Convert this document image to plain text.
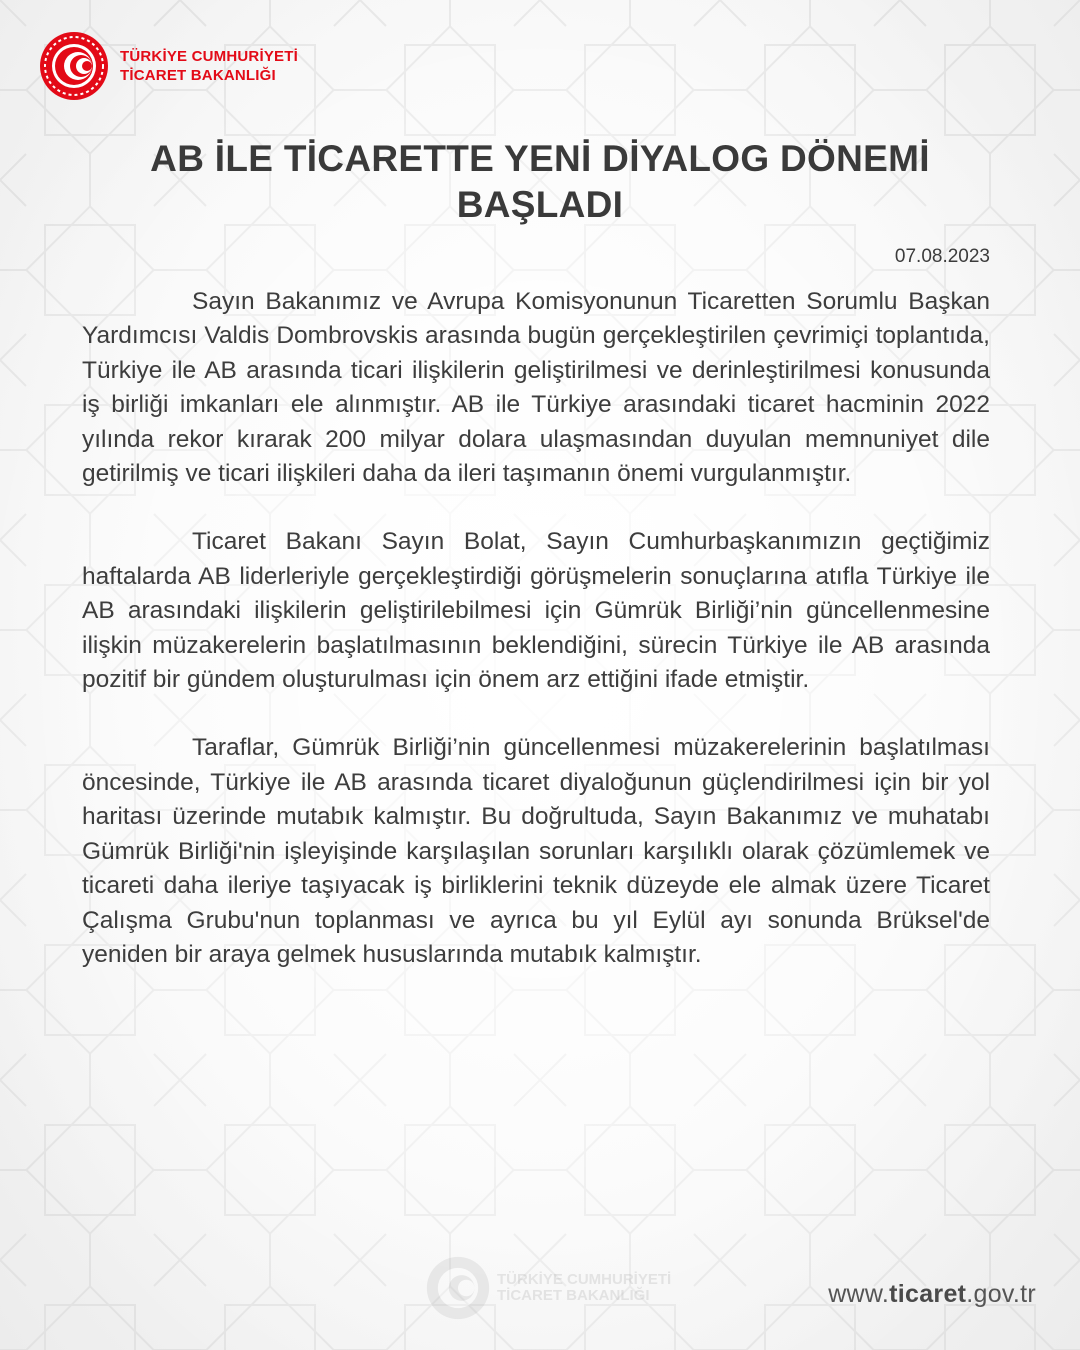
TÜRKİYE CUMHURİYETİ
TİCARET BAKANLIĞI
AB İLE TİCARETTE YENİ DİYALOG DÖNEMİ
BAŞLADI
07.08.2023

Sayın Bakanımız ve Avrupa Komisyonunun Ticaretten Sorumlu Başkan Yardımcısı Valdis Dombrovskis arasında bugün gerçekleştirilen çevrimiçi toplantıda, Türkiye ile AB arasında ticari ilişkilerin geliştirilmesi ve derinleştirilmesi konusunda iş birliği imkanları ele alınmıştır. AB ile Türkiye arasındaki ticaret hacminin 2022 yılında rekor kırarak 200 milyar dolara ulaşmasından duyulan memnuniyet dile getirilmiş ve ticari ilişkileri daha da ileri taşımanın önemi vurgulanmıştır.

Ticaret Bakanı Sayın Bolat, Sayın Cumhurbaşkanımızın geçtiğimiz haftalarda AB liderleriyle gerçekleştirdiği görüşmelerin sonuçlarına atıfla Türkiye ile AB arasındaki ilişkilerin geliştirilebilmesi için Gümrük Birliği’nin güncellenmesine ilişkin müzakerelerin başlatılmasının beklendiğini, sürecin Türkiye ile AB arasında pozitif bir gündem oluşturulması için önem arz ettiğini ifade etmiştir.

Taraflar, Gümrük Birliği’nin güncellenmesi müzakerelerinin başlatılması öncesinde, Türkiye ile AB arasında ticaret diyaloğunun güçlendirilmesi için bir yol haritası üzerinde mutabık kalmıştır. Bu doğrultuda, Sayın Bakanımız ve muhatabı Gümrük Birliği'nin işleyişinde karşılaşılan sorunları karşılıklı olarak çözümlemek ve ticareti daha ileriye taşıyacak iş birliklerini teknik düzeyde ele almak üzere Ticaret Çalışma Grubu'nun toplanması ve ayrıca bu yıl Eylül ayı sonunda Brüksel'de yeniden bir araya gelmek hususlarında mutabık kalmıştır.

TÜRKİYE CUMHURİYETİ
TİCARET BAKANLIĞI	www.ticaret.gov.tr
